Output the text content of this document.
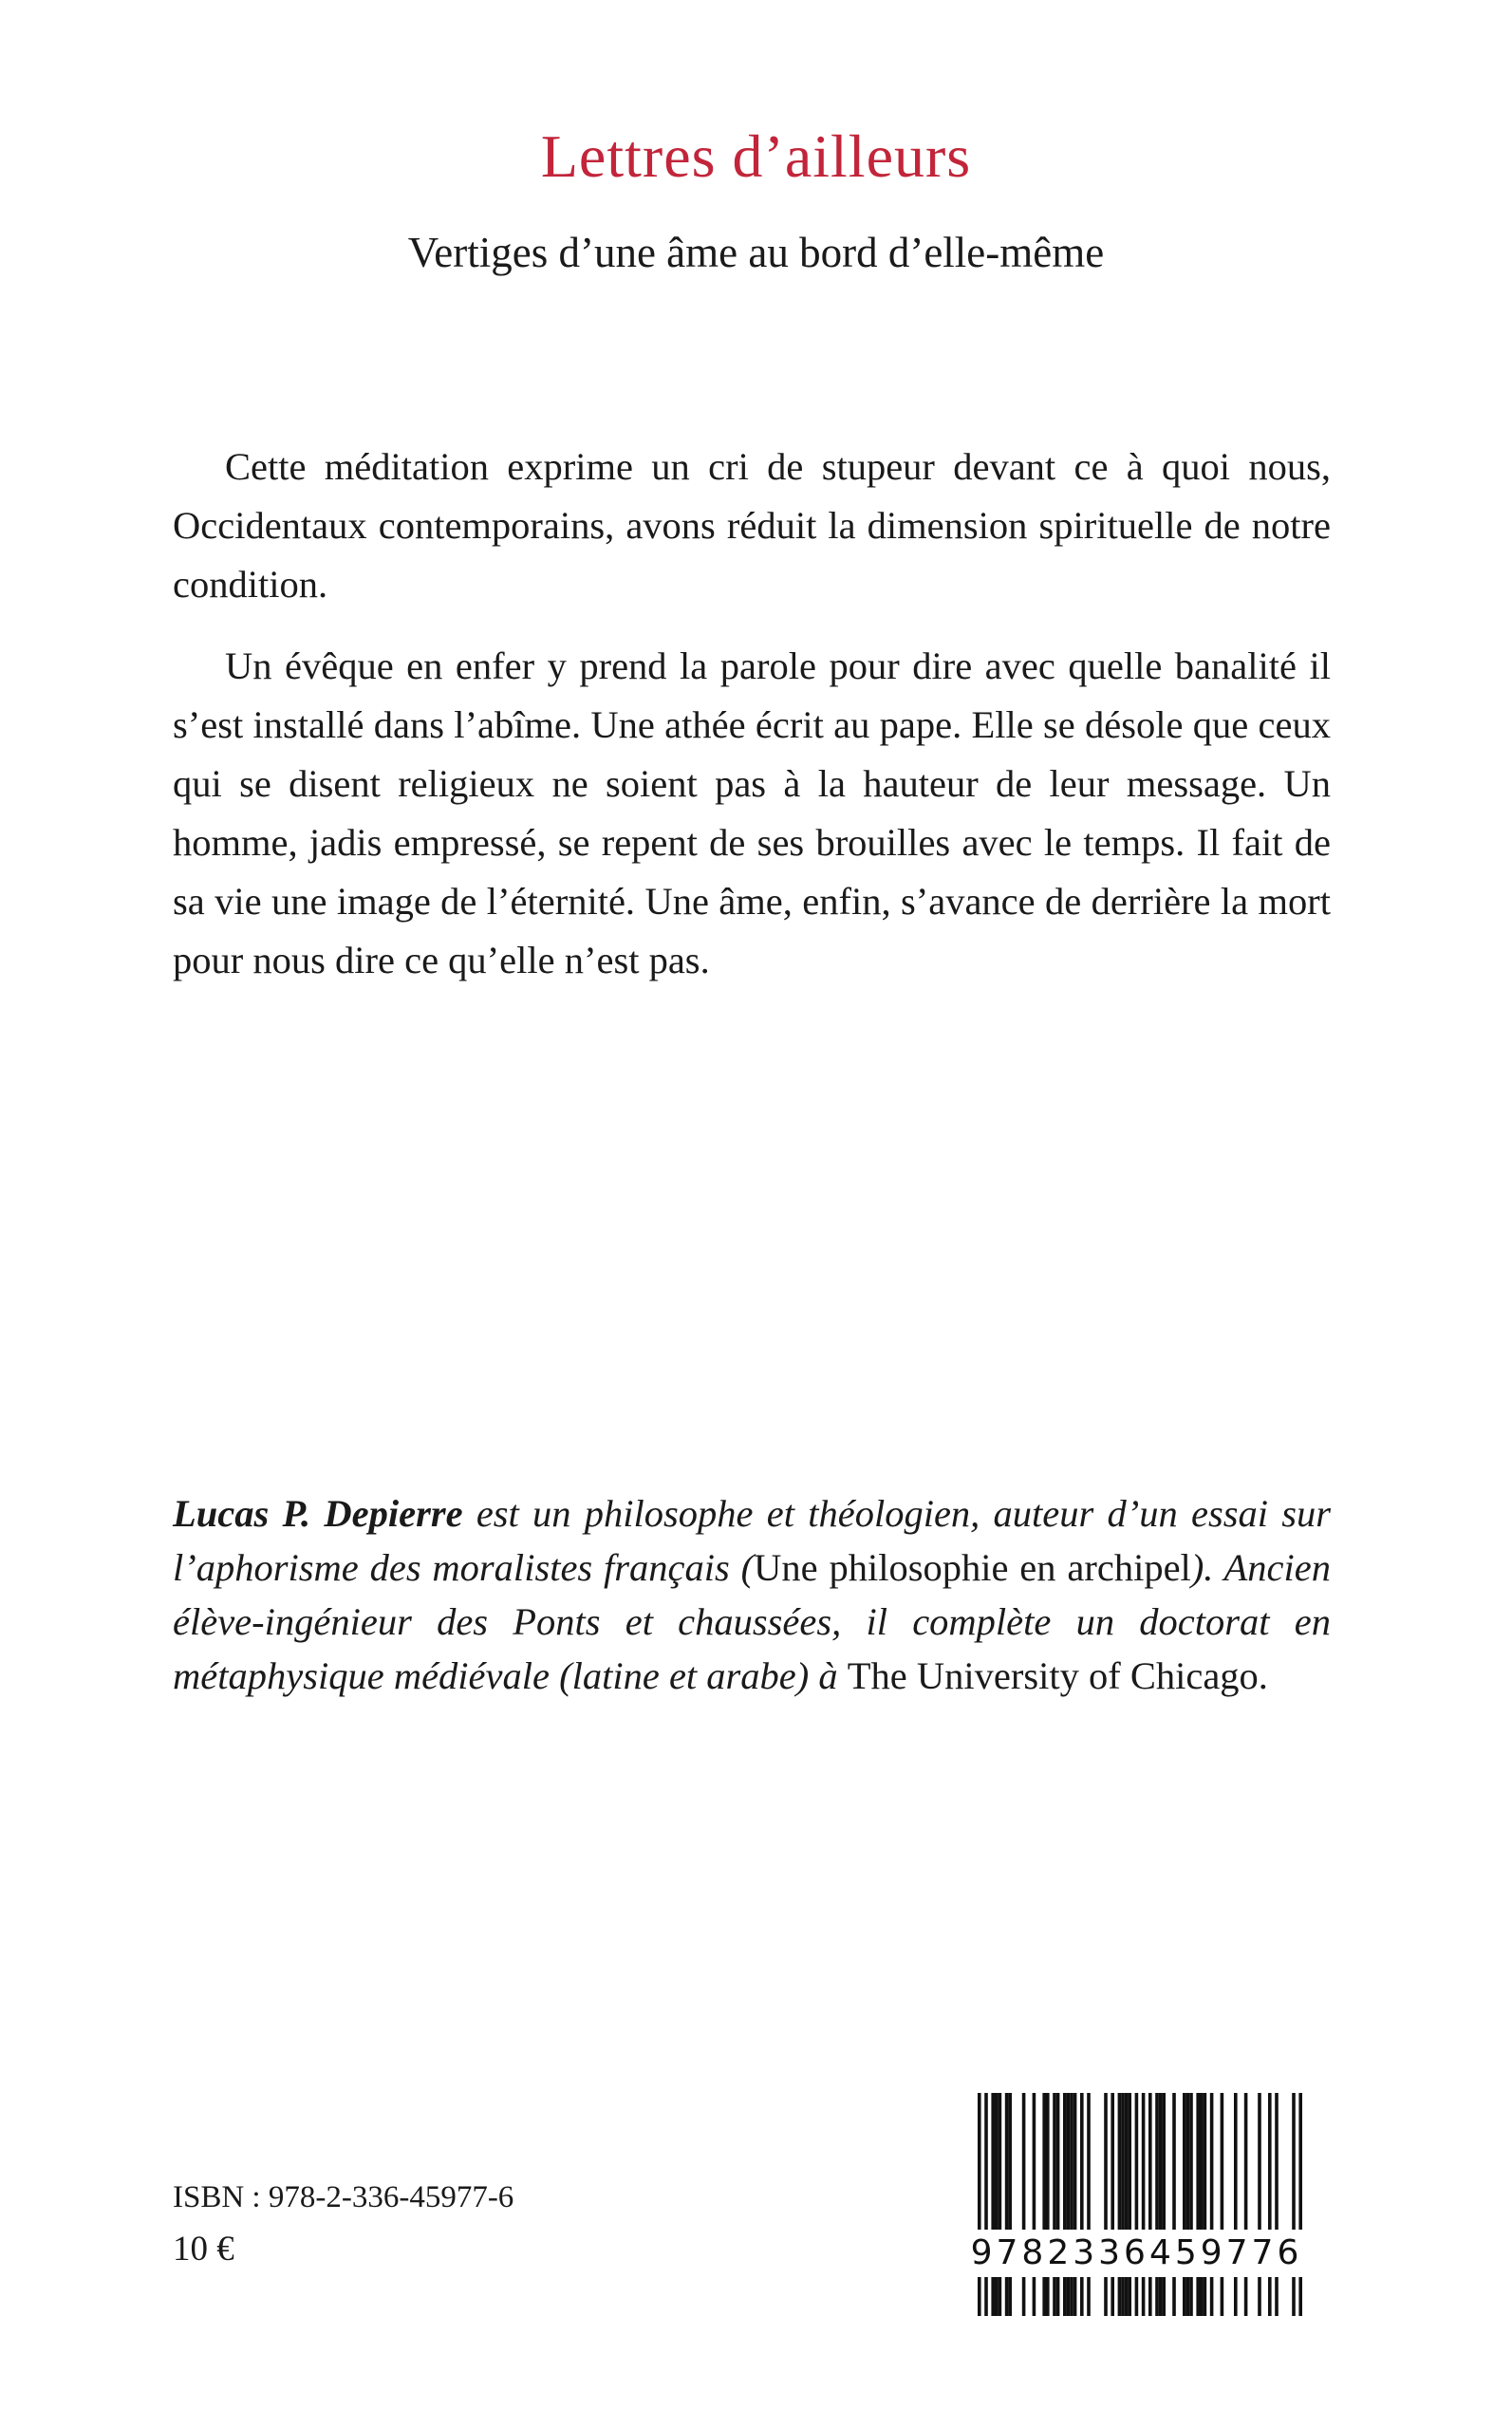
Lettres d’ailleurs
Vertiges d’une âme au bord d’elle-même

Cette méditation exprime un cri de stupeur devant ce à quoi nous, Occidentaux contemporains, avons réduit la dimension spirituelle de notre condition.

Un évêque en enfer y prend la parole pour dire avec quelle banalité il s’est installé dans l’abîme. Une athée écrit au pape. Elle se désole que ceux qui se disent religieux ne soient pas à la hauteur de leur message. Un homme, jadis empressé, se repent de ses brouilles avec le temps. Il fait de sa vie une image de l’éternité. Une âme, enfin, s’avance de derrière la mort pour nous dire ce qu’elle n’est pas.

Lucas P. Depierre est un philosophe et théologien, auteur d’un essai sur l’aphorisme des moralistes français (Une philosophie en archipel). Ancien élève-ingénieur des Ponts et chaussées, il complète un doctorat en métaphysique médiévale (latine et arabe) à The University of Chicago.

ISBN : 978-2-336-45977-6
10 €	9782336459776
